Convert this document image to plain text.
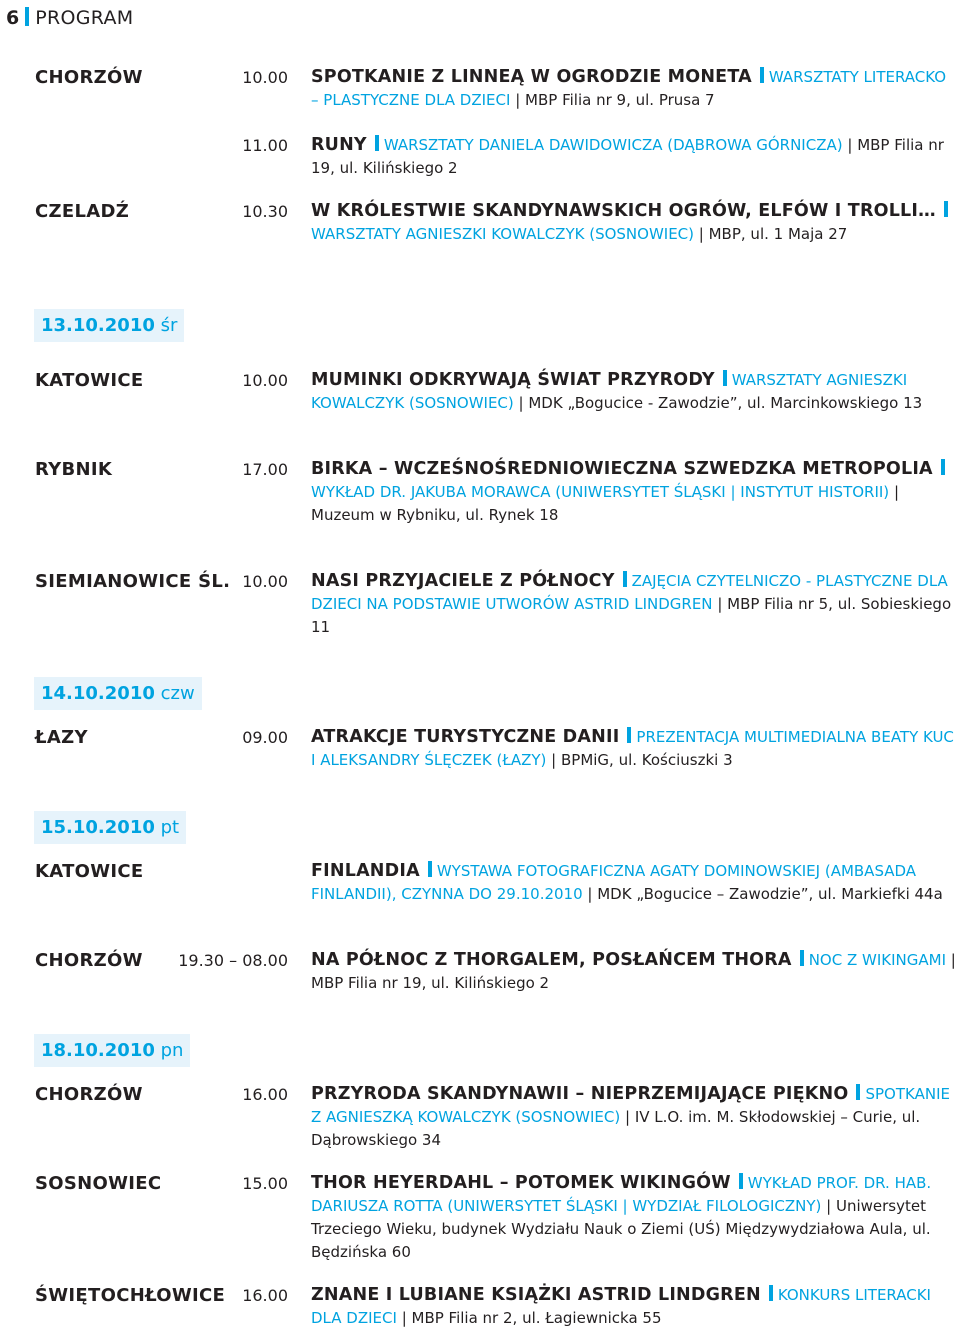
6 PROGRAM
CHORZÓW	10.00 SPOTKANIE Z LINNEĄ W OGRODZIE MONETA WARSZTATY LITERACKO – PLASTYCZNE DLA DZIECI | MBP Filia nr 9, ul. Prusa 7
11.00 RUNY WARSZTATY DANIELA DAWIDOWICZA (DĄBROWA GÓRNICZA) | MBP Filia nr 19, ul. Kilińskiego 2
CZELADŹ	10.30 W KRÓLESTWIE SKANDYNAWSKICH OGRÓW, ELFÓW I TROLLI…WARSZTATY AGNIESZKI KOWALCZYK (SOSNOWIEC) | MBP, ul. 1 Maja 27
13.10.2010 śr
KATOWICE	10.00 MUMINKI ODKRYWAJĄ ŚWIAT PRZYRODY WARSZTATY AGNIESZKI KOWALCZYK (SOSNOWIEC) | MDK „Bogucice - Zawodzie”, ul. Marcinkowskiego 13
RYBNIK	17.00 BIRKA – WCZEŚNOŚREDNIOWIECZNA SZWEDZKA METROPOLIAWYKŁAD DR. JAKUBA MORAWCA (UNIWERSYTET ŚLĄSKI | INSTYTUT HISTORII) | Muzeum w Rybniku, ul. Rynek 18
SIEMIANOWICE ŚL. 10.00 NASI PRZYJACIELE Z PÓŁNOCY ZAJĘCIA CZYTELNICZO - PLASTYCZNE DLA DZIECI NA PODSTAWIE UTWORÓW ASTRID LINDGREN | MBP Filia nr 5, ul. Sobieskiego 11
14.10.2010 czw
ŁAZY	09.00 ATRAKCJE TURYSTYCZNE DANII PREZENTACJA MULTIMEDIALNA BEATY KUC I ALEKSANDRY ŚLĘCZEK (ŁAZY) | BPMiG, ul. Kościuszki 3
15.10.2010 pt
KATOWICE	FINLANDIA WYSTAWA FOTOGRAFICZNA AGATY DOMINOWSKIEJ (AMBASADA FINLANDII), CZYNNA DO 29.10.2010 | MDK „Bogucice – Zawodzie”, ul. Markiefki 44a
CHORZÓW 19.30 – 08.00 NA PÓŁNOC Z THORGALEM, POSŁAŃCEM THORA NOC Z WIKINGAMI | MBP Filia nr 19, ul. Kilińskiego 2
18.10.2010 pn
CHORZÓW	16.00 PRZYRODA SKANDYNAWII – NIEPRZEMIJAJĄCE PIĘKNO SPOTKANIE Z AGNIESZKĄ KOWALCZYK (SOSNOWIEC) | IV L.O. im. M. Skłodowskiej – Curie, ul. Dąbrowskiego 34
SOSNOWIEC	15.00 THOR HEYERDAHL – POTOMEK WIKINGÓW WYKŁAD PROF. DR. HAB. DARIUSZA ROTTA (UNIWERSYTET ŚLĄSKI | WYDZIAŁ FILOLOGICZNY) | Uniwersytet Trzeciego Wieku, budynek Wydziału Nauk o Ziemi (UŚ) Międzywydziałowa Aula, ul. Będzińska 60
ŚWIĘTOCHŁOWICE 16.00 ZNANE I LUBIANE KSIĄŻKI ASTRID LINDGREN KONKURS LITERACKI DLA DZIECI | MBP Filia nr 2, ul. Łagiewnicka 55
